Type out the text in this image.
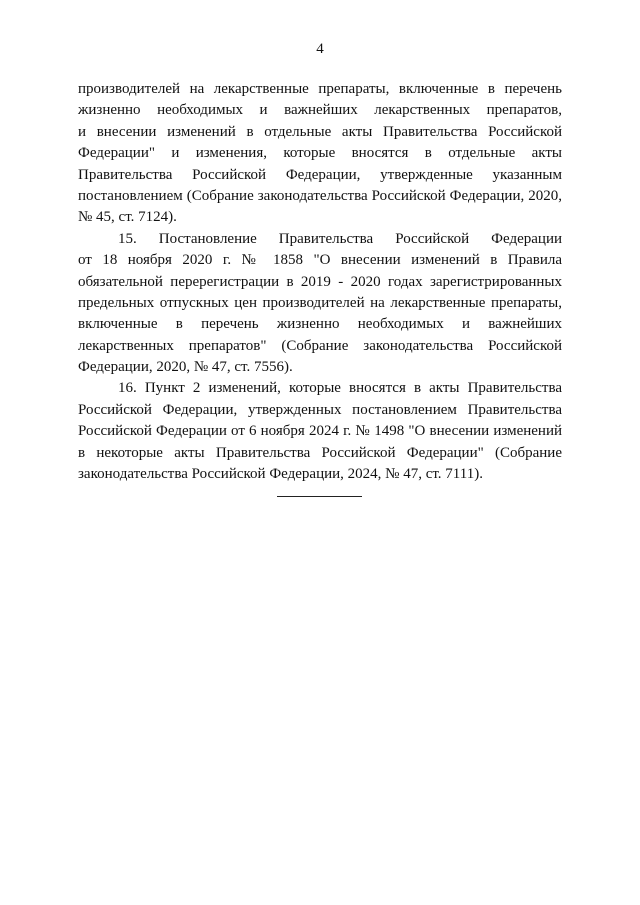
4
производителей на лекарственные препараты, включенные в перечень
жизненно необходимых и важнейших лекарственных препаратов,
и внесении изменений в отдельные акты Правительства Российской
Федерации" и изменения, которые вносятся в отдельные акты
Правительства Российской Федерации, утвержденные указанным
постановлением (Собрание законодательства Российской Федерации, 2020,
№ 45, ст. 7124).
15. Постановление Правительства Российской Федерации
от 18 ноября 2020 г. № 1858 "О внесении изменений в Правила
обязательной перерегистрации в 2019 - 2020 годах зарегистрированных
предельных отпускных цен производителей на лекарственные препараты,
включенные в перечень жизненно необходимых и важнейших
лекарственных препаратов" (Собрание законодательства Российской
Федерации, 2020, № 47, ст. 7556).
16. Пункт 2 изменений, которые вносятся в акты Правительства
Российской Федерации, утвержденных постановлением Правительства
Российской Федерации от 6 ноября 2024 г. № 1498 "О внесении изменений
в некоторые акты Правительства Российской Федерации" (Собрание
законодательства Российской Федерации, 2024, № 47, ст. 7111).
